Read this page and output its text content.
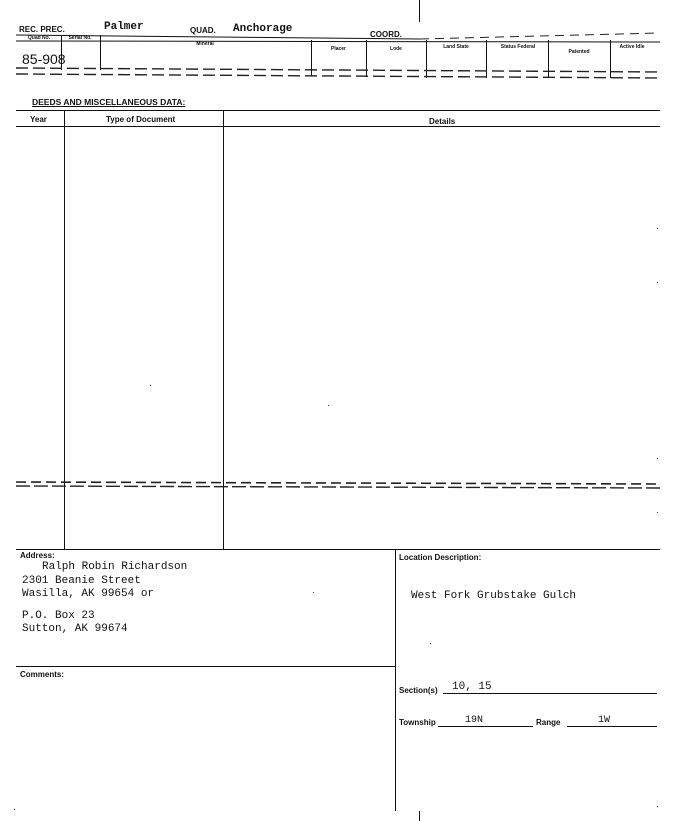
REC. PREC.	Palmer	QUAD. Anchorage	COORD.
Quad No.	Serial No.
Mineral
Placer	Lode	Land State	Status Federal
Patented
Active Idle
85-908
DEEDS AND MISCELLANEOUS DATA:
Year	Type of Document	Details
Address:
Ralph Robin Richardson
2301 Beanie Street
Wasilla, AK 99654 or
P.O. Box 23
Sutton, AK 99674
Comments:
Location Description:
West Fork Grubstake Gulch
Section(s) 10, 15
Township	19N	Range	1W
